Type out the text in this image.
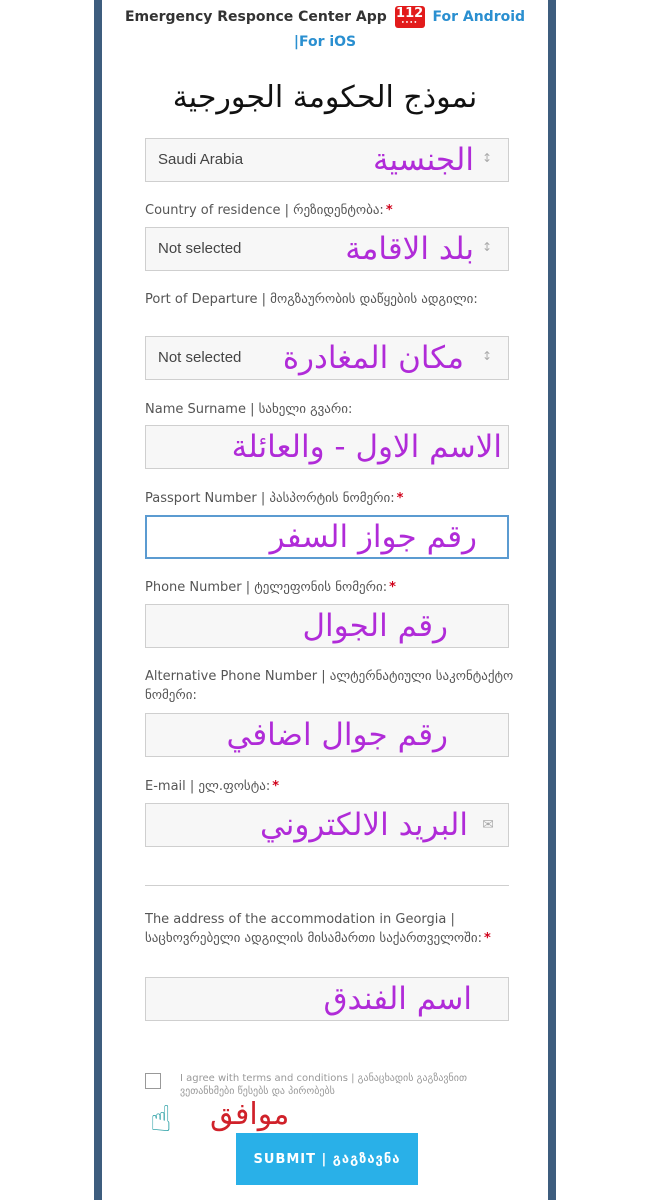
Emergency Responce Center App 112
••••	For Android
|For iOS
نموذج الحكومة الجورجية
Saudi Arabia	الجنسية ↕
Country of residence | რეზიდენტობა: *
Not selected	بلد الاقامة ↕
Port of Departure | მოგზაურობის დაწყების ადგილი:
Not selected مكان المغادرة ↕
Name Surname | სახელი გვარი:
الاسم الاول - والعائلة
Passport Number | პასპორტის ნომერი: *
رقم جواز السفر
Phone Number | ტელეფონის ნომერი: *
رقم الجوال
Alternative Phone Number | ალტერნატიული საკონტაქტო ნომერი:
رقم جوال اضافي
E-mail | ელ.ფოსტა: *
البريد الالكتروني ✉
The address of the accommodation in Georgia | საცხოვრებელი ადგილის მისამართი საქართველოში: *
اسم الفندق
I agree with terms and conditions | განაცხადის გაგზავნით ვეთანხმები წესებს და პირობებს
☝ موافق
SUBMIT | გაგზავნა
